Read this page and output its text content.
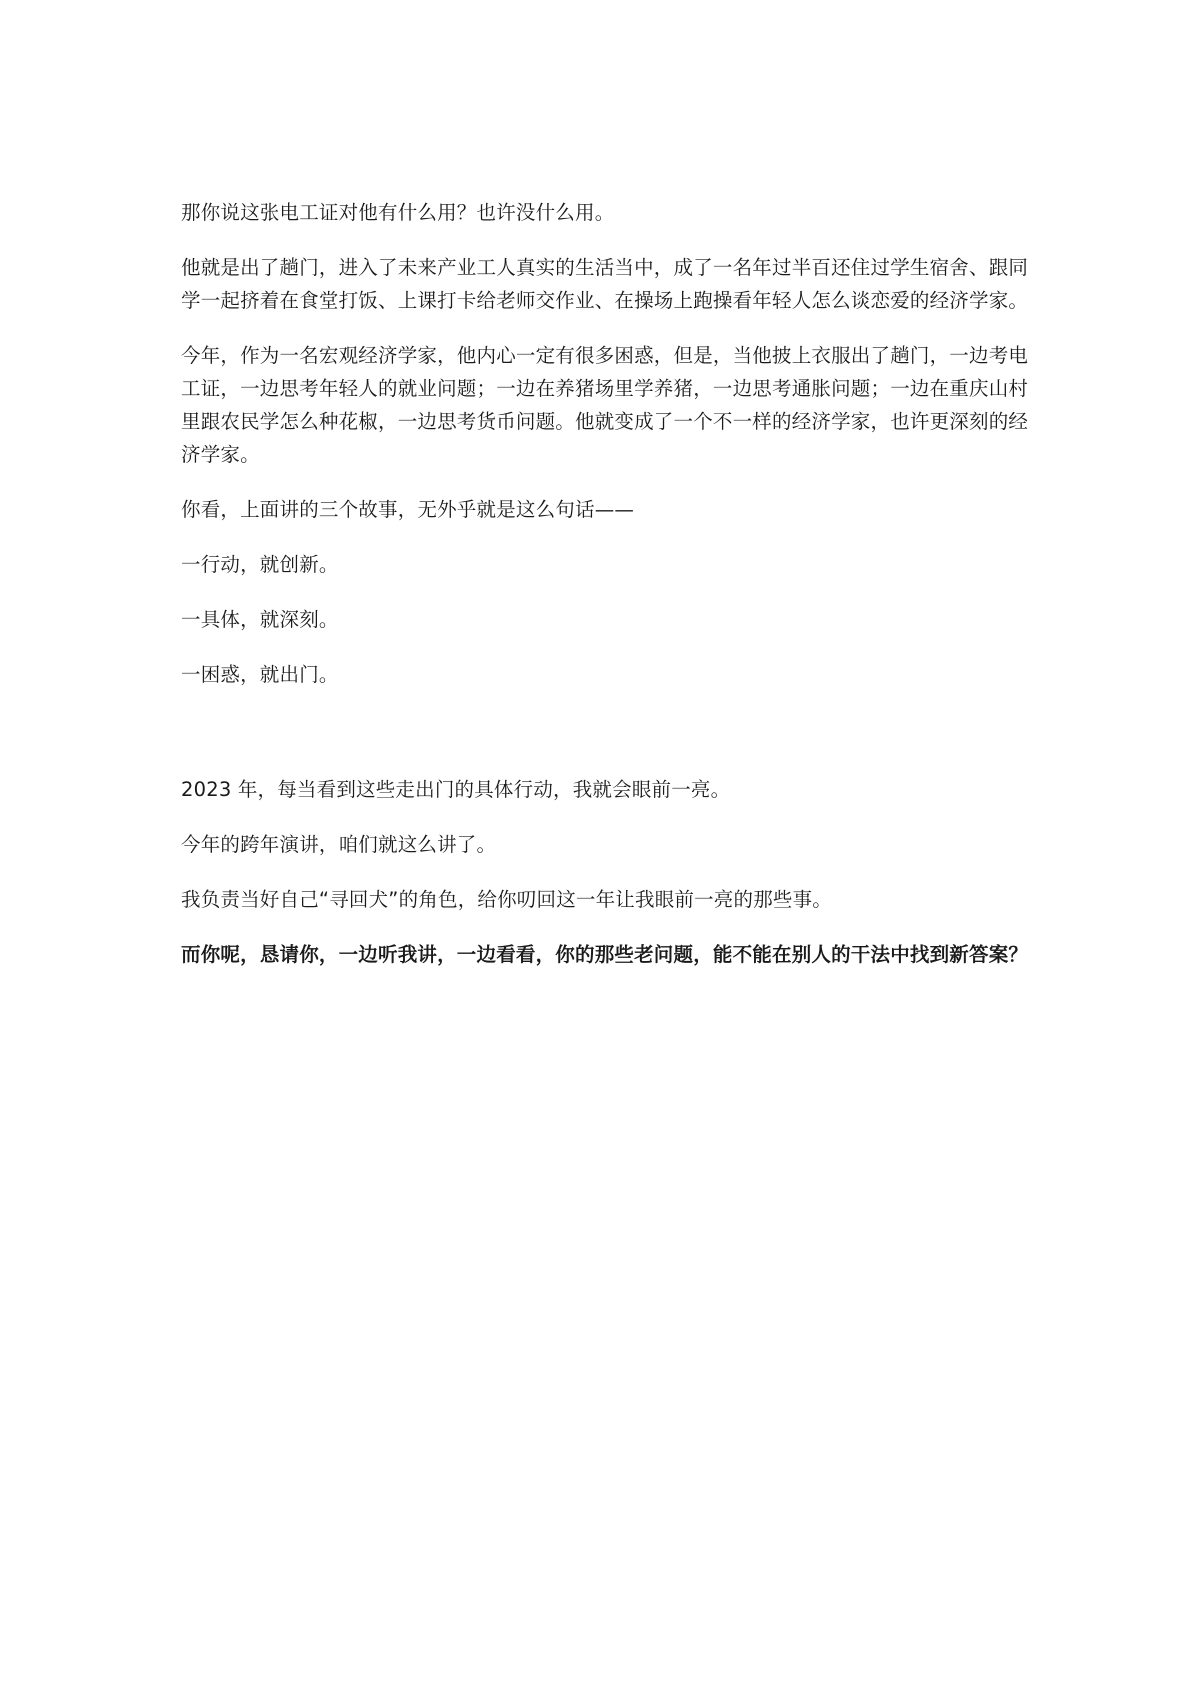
那你说这张电工证对他有什么用？也许没什么用。

他就是出了趟门，进入了未来产业工人真实的生活当中，成了一名年过半百还住过学生宿舍、跟同学一起挤着在食堂打饭、上课打卡给老师交作业、在操场上跑操看年轻人怎么谈恋爱的经济学家。

今年，作为一名宏观经济学家，他内心一定有很多困惑，但是，当他披上衣服出了趟门，一边考电工证，一边思考年轻人的就业问题；一边在养猪场里学养猪，一边思考通胀问题；一边在重庆山村里跟农民学怎么种花椒，一边思考货币问题。他就变成了一个不一样的经济学家，也许更深刻的经济学家。

你看，上面讲的三个故事，无外乎就是这么句话——

一行动，就创新。

一具体，就深刻。

一困惑，就出门。

2023 年，每当看到这些走出门的具体行动，我就会眼前一亮。

今年的跨年演讲，咱们就这么讲了。

我负责当好自己“寻回犬”的角色，给你叨回这一年让我眼前一亮的那些事。

而你呢，恳请你，一边听我讲，一边看看，你的那些老问题，能不能在别人的干法中找到新答案？
